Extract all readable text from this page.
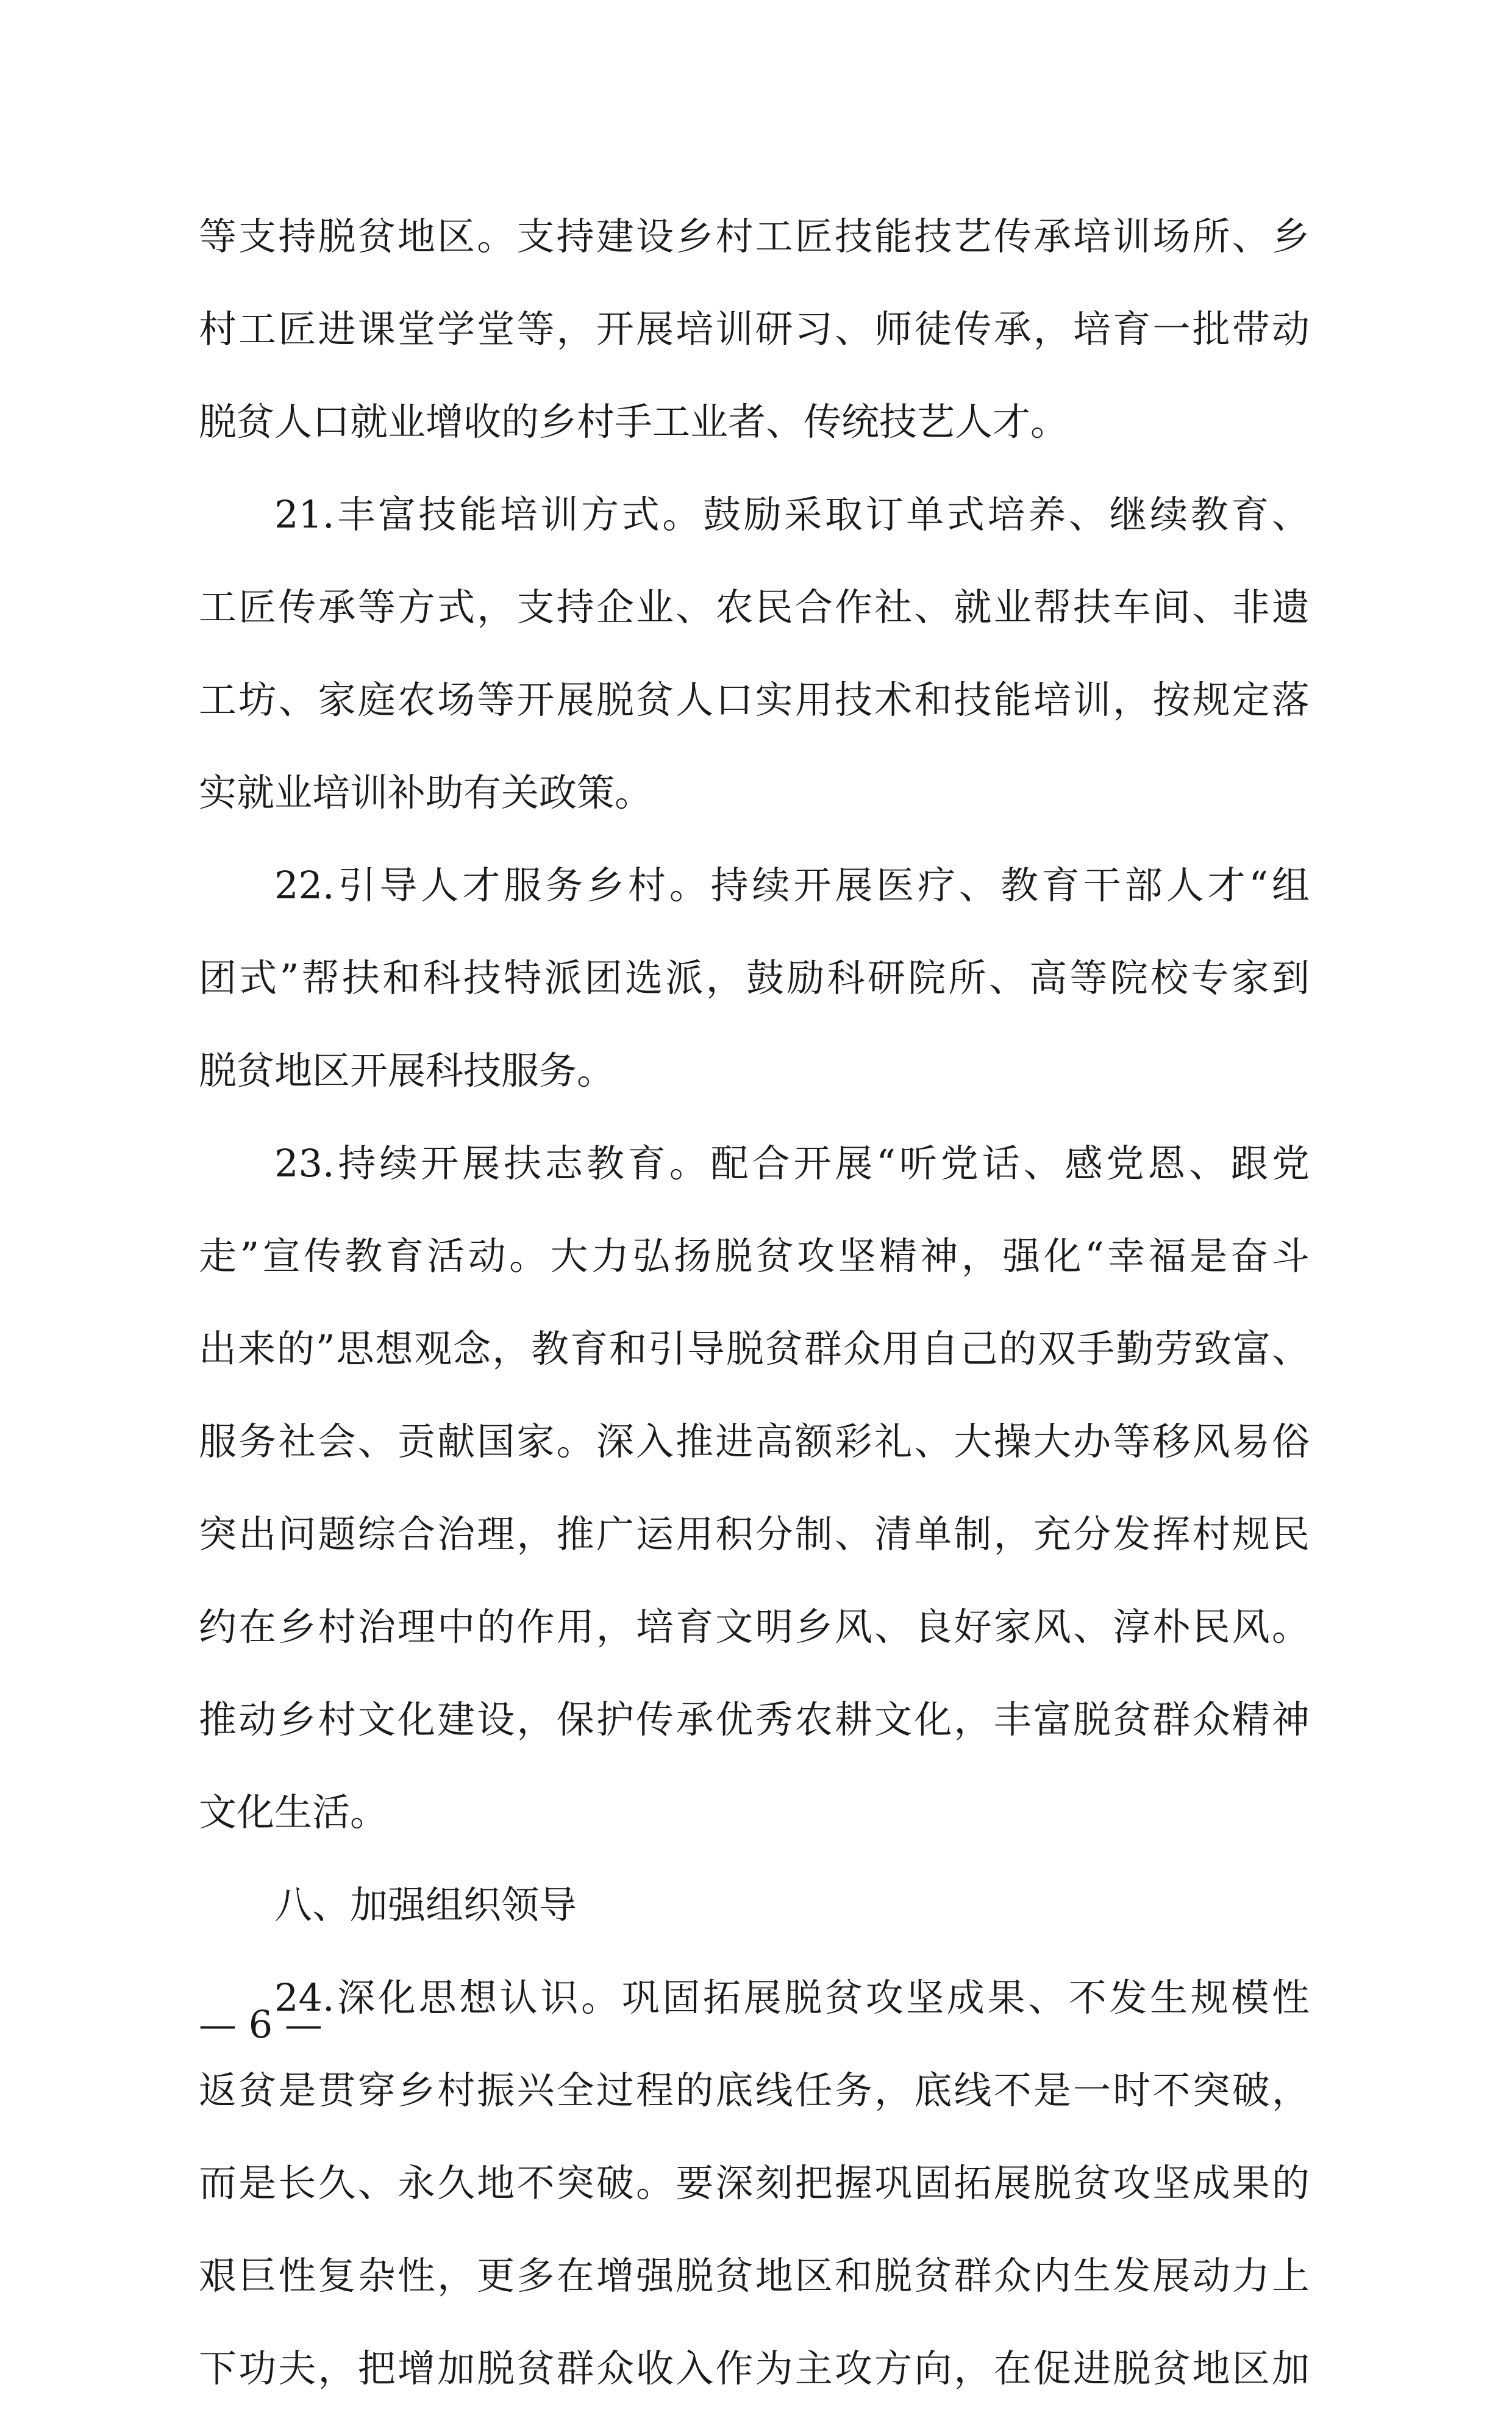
等支持脱贫地区。支持建设乡村工匠技能技艺传承培训场所、乡
村工匠进课堂学堂等，开展培训研习、师徒传承，培育一批带动
脱贫人口就业增收的乡村手工业者、传统技艺人才。
21.丰富技能培训方式。鼓励采取订单式培养、继续教育、
工匠传承等方式，支持企业、农民合作社、就业帮扶车间、非遗
工坊、家庭农场等开展脱贫人口实用技术和技能培训，按规定落
实就业培训补助有关政策。
22.引导人才服务乡村。持续开展医疗、教育干部人才“组
团式”帮扶和科技特派团选派，鼓励科研院所、高等院校专家到
脱贫地区开展科技服务。
23.持续开展扶志教育。配合开展“听党话、感党恩、跟党
走”宣传教育活动。大力弘扬脱贫攻坚精神，强化“幸福是奋斗
出来的”思想观念，教育和引导脱贫群众用自己的双手勤劳致富、
服务社会、贡献国家。深入推进高额彩礼、大操大办等移风易俗
突出问题综合治理，推广运用积分制、清单制，充分发挥村规民
约在乡村治理中的作用，培育文明乡风、良好家风、淳朴民风。
推动乡村文化建设，保护传承优秀农耕文化，丰富脱贫群众精神
文化生活。
八、加强组织领导
24.深化思想认识。巩固拓展脱贫攻坚成果、不发生规模性
返贫是贯穿乡村振兴全过程的底线任务，底线不是一时不突破，
而是长久、永久地不突破。要深刻把握巩固拓展脱贫攻坚成果的
艰巨性复杂性，更多在增强脱贫地区和脱贫群众内生发展动力上
下功夫，把增加脱贫群众收入作为主攻方向，在促进脱贫地区加
— 6 —
